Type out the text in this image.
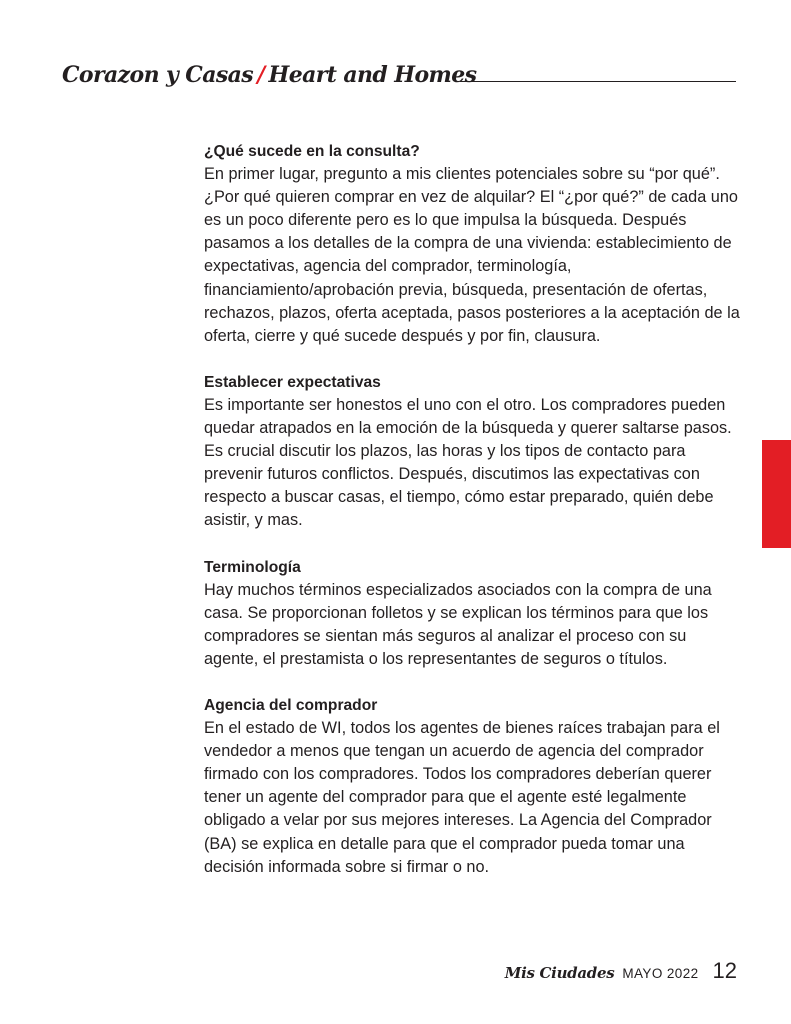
Corazon y Casas / Heart and Homes
¿Qué sucede en la consulta?

En primer lugar, pregunto a mis clientes potenciales sobre su “por qué”. ¿Por qué quieren comprar en vez de alquilar? El “¿por qué?” de cada uno es un poco diferente pero es lo que impulsa la búsqueda. Después pasamos a los detalles de la compra de una vivienda: establecimiento de expectativas, agencia del comprador, terminología, financiamiento/aprobación previa, búsqueda, presentación de ofertas, rechazos, plazos, oferta aceptada, pasos posteriores a la aceptación de la oferta, cierre y qué sucede después y por fin, clausura.

Establecer expectativas

Es importante ser honestos el uno con el otro. Los compradores pueden quedar atrapados en la emoción de la búsqueda y querer saltarse pasos. Es crucial discutir los plazos, las horas y los tipos de contacto para prevenir futuros conflictos. Después, discutimos las expectativas con respecto a buscar casas, el tiempo, cómo estar preparado, quién debe asistir, y mas.

Terminología

Hay muchos términos especializados asociados con la compra de una casa. Se proporcionan folletos y se explican los términos para que los compradores se sientan más seguros al analizar el proceso con su agente, el prestamista o los representantes de seguros o títulos.

Agencia del comprador

En el estado de WI, todos los agentes de bienes raíces trabajan para el vendedor a menos que tengan un acuerdo de agencia del comprador firmado con los compradores. Todos los compradores deberían querer tener un agente del comprador para que el agente esté legalmente obligado a velar por sus mejores intereses. La Agencia del Comprador (BA) se explica en detalle para que el comprador pueda tomar una decisión informada sobre si firmar o no.

Mis Ciudades MAYO 2022 12
